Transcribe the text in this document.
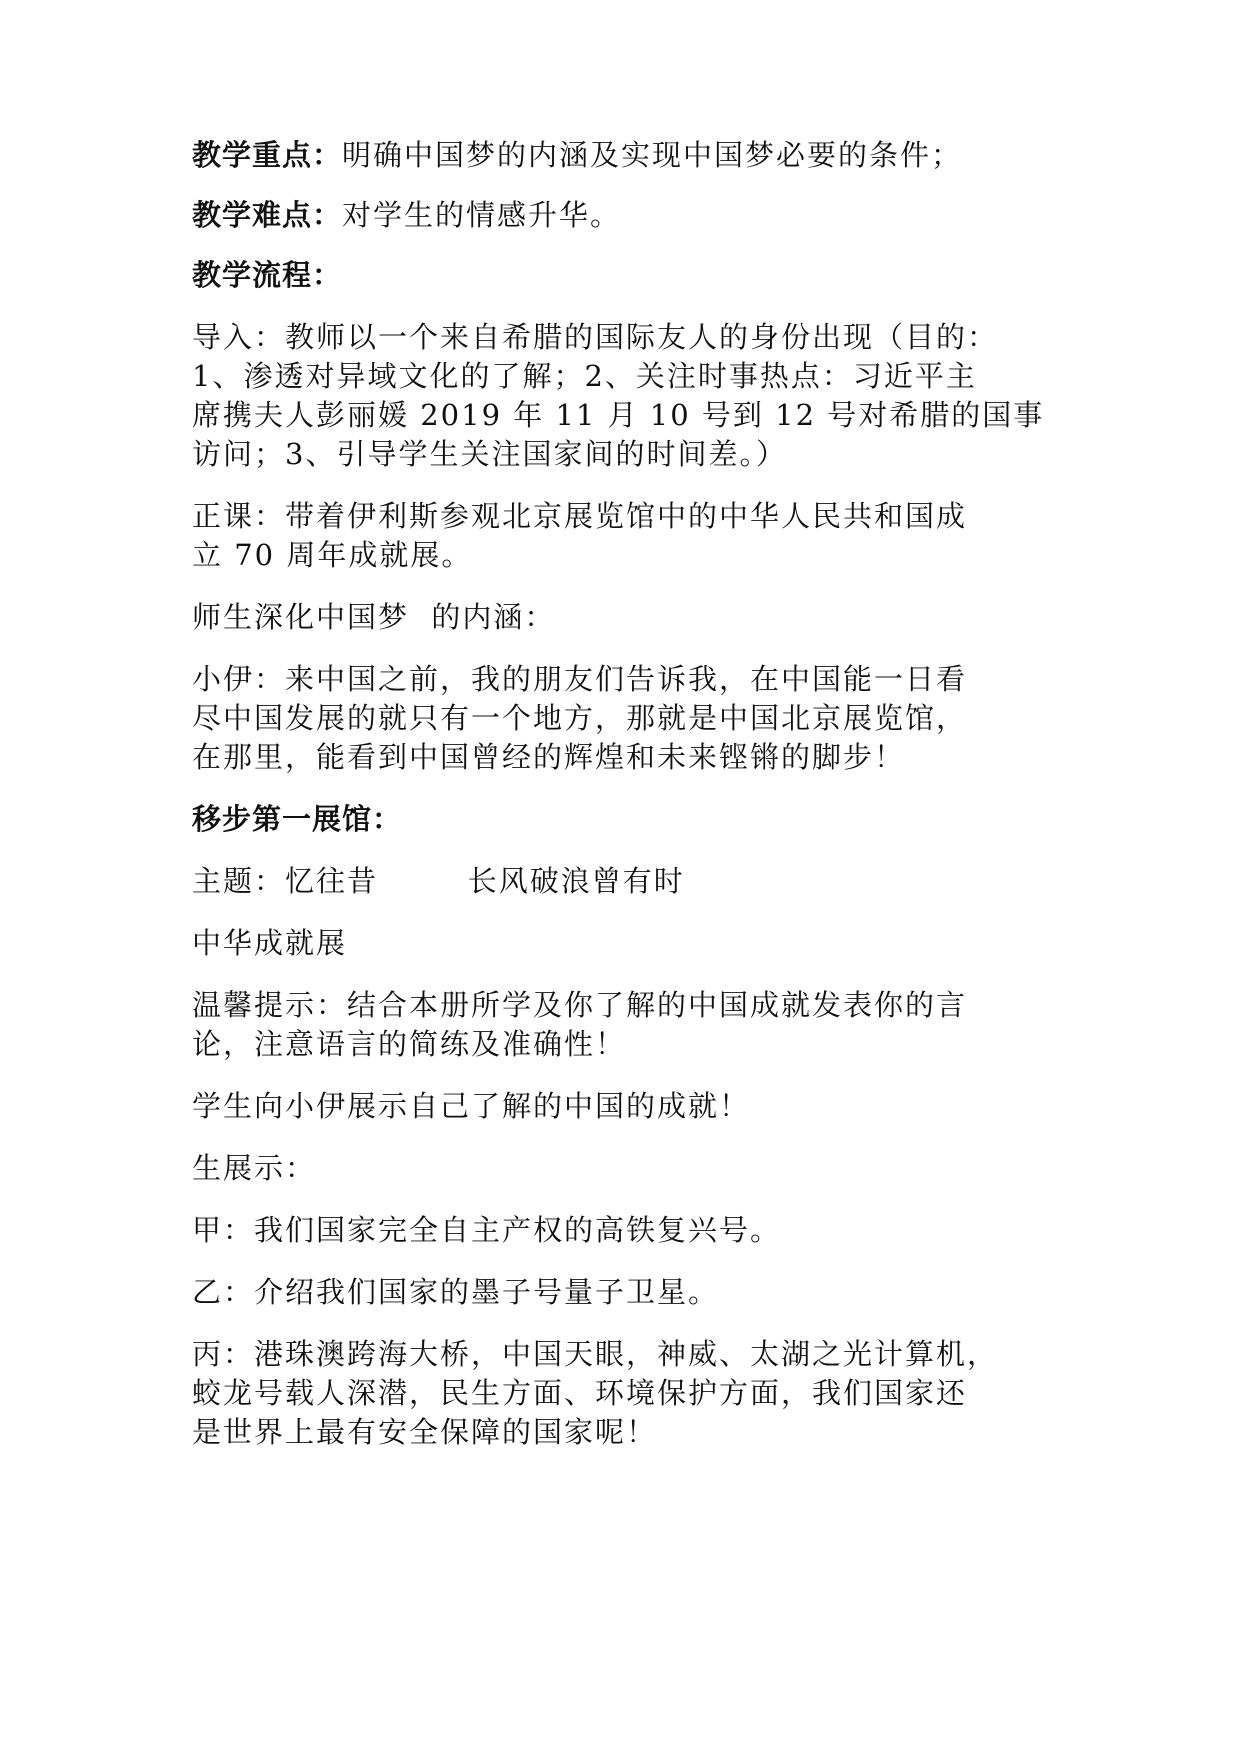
教学重点：明确中国梦的内涵及实现中国梦必要的条件；
教学难点：对学生的情感升华。
教学流程：
导入：教师以一个来自希腊的国际友人的身份出现（目的：
1、渗透对异域文化的了解；2、关注时事热点：习近平主
席携夫人彭丽媛 2019 年 11 月 10 号到 12 号对希腊的国事
访问；3、引导学生关注国家间的时间差。）
正课：带着伊利斯参观北京展览馆中的中华人民共和国成
立 70 周年成就展。
师生深化中国梦  的内涵：
小伊：来中国之前，我的朋友们告诉我，在中国能一日看
尽中国发展的就只有一个地方，那就是中国北京展览馆，
在那里，能看到中国曾经的辉煌和未来铿锵的脚步！
移步第一展馆：
主题：忆往昔        长风破浪曾有时
中华成就展
温馨提示：结合本册所学及你了解的中国成就发表你的言
论，注意语言的简练及准确性！
学生向小伊展示自己了解的中国的成就！
生展示：
甲：我们国家完全自主产权的高铁复兴号。
乙：介绍我们国家的墨子号量子卫星。
丙：港珠澳跨海大桥，中国天眼，神威、太湖之光计算机，
蛟龙号载人深潜，民生方面、环境保护方面，我们国家还
是世界上最有安全保障的国家呢！
